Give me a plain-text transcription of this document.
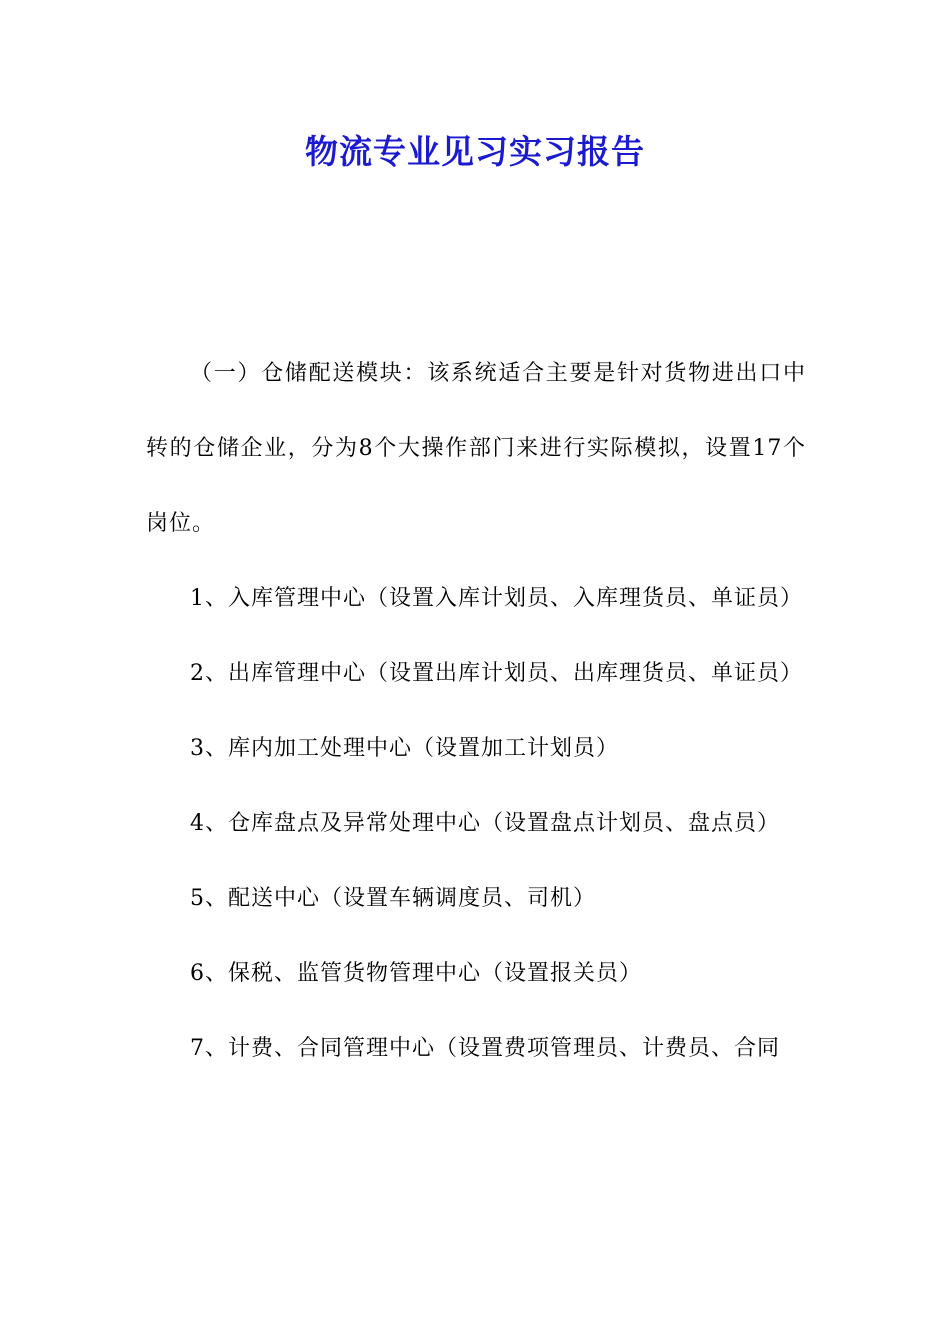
物流专业见习实习报告

（一）仓储配送模块：该系统适合主要是针对货物进出口中转的仓储企业，分为8个大操作部门来进行实际模拟，设置17个岗位。

1、入库管理中心（设置入库计划员、入库理货员、单证员）

2、出库管理中心（设置出库计划员、出库理货员、单证员）

3、库内加工处理中心（设置加工计划员）

4、仓库盘点及异常处理中心（设置盘点计划员、盘点员）

5、配送中心（设置车辆调度员、司机）

6、保税、监管货物管理中心（设置报关员）

7、计费、合同管理中心（设置费项管理员、计费员、合同
